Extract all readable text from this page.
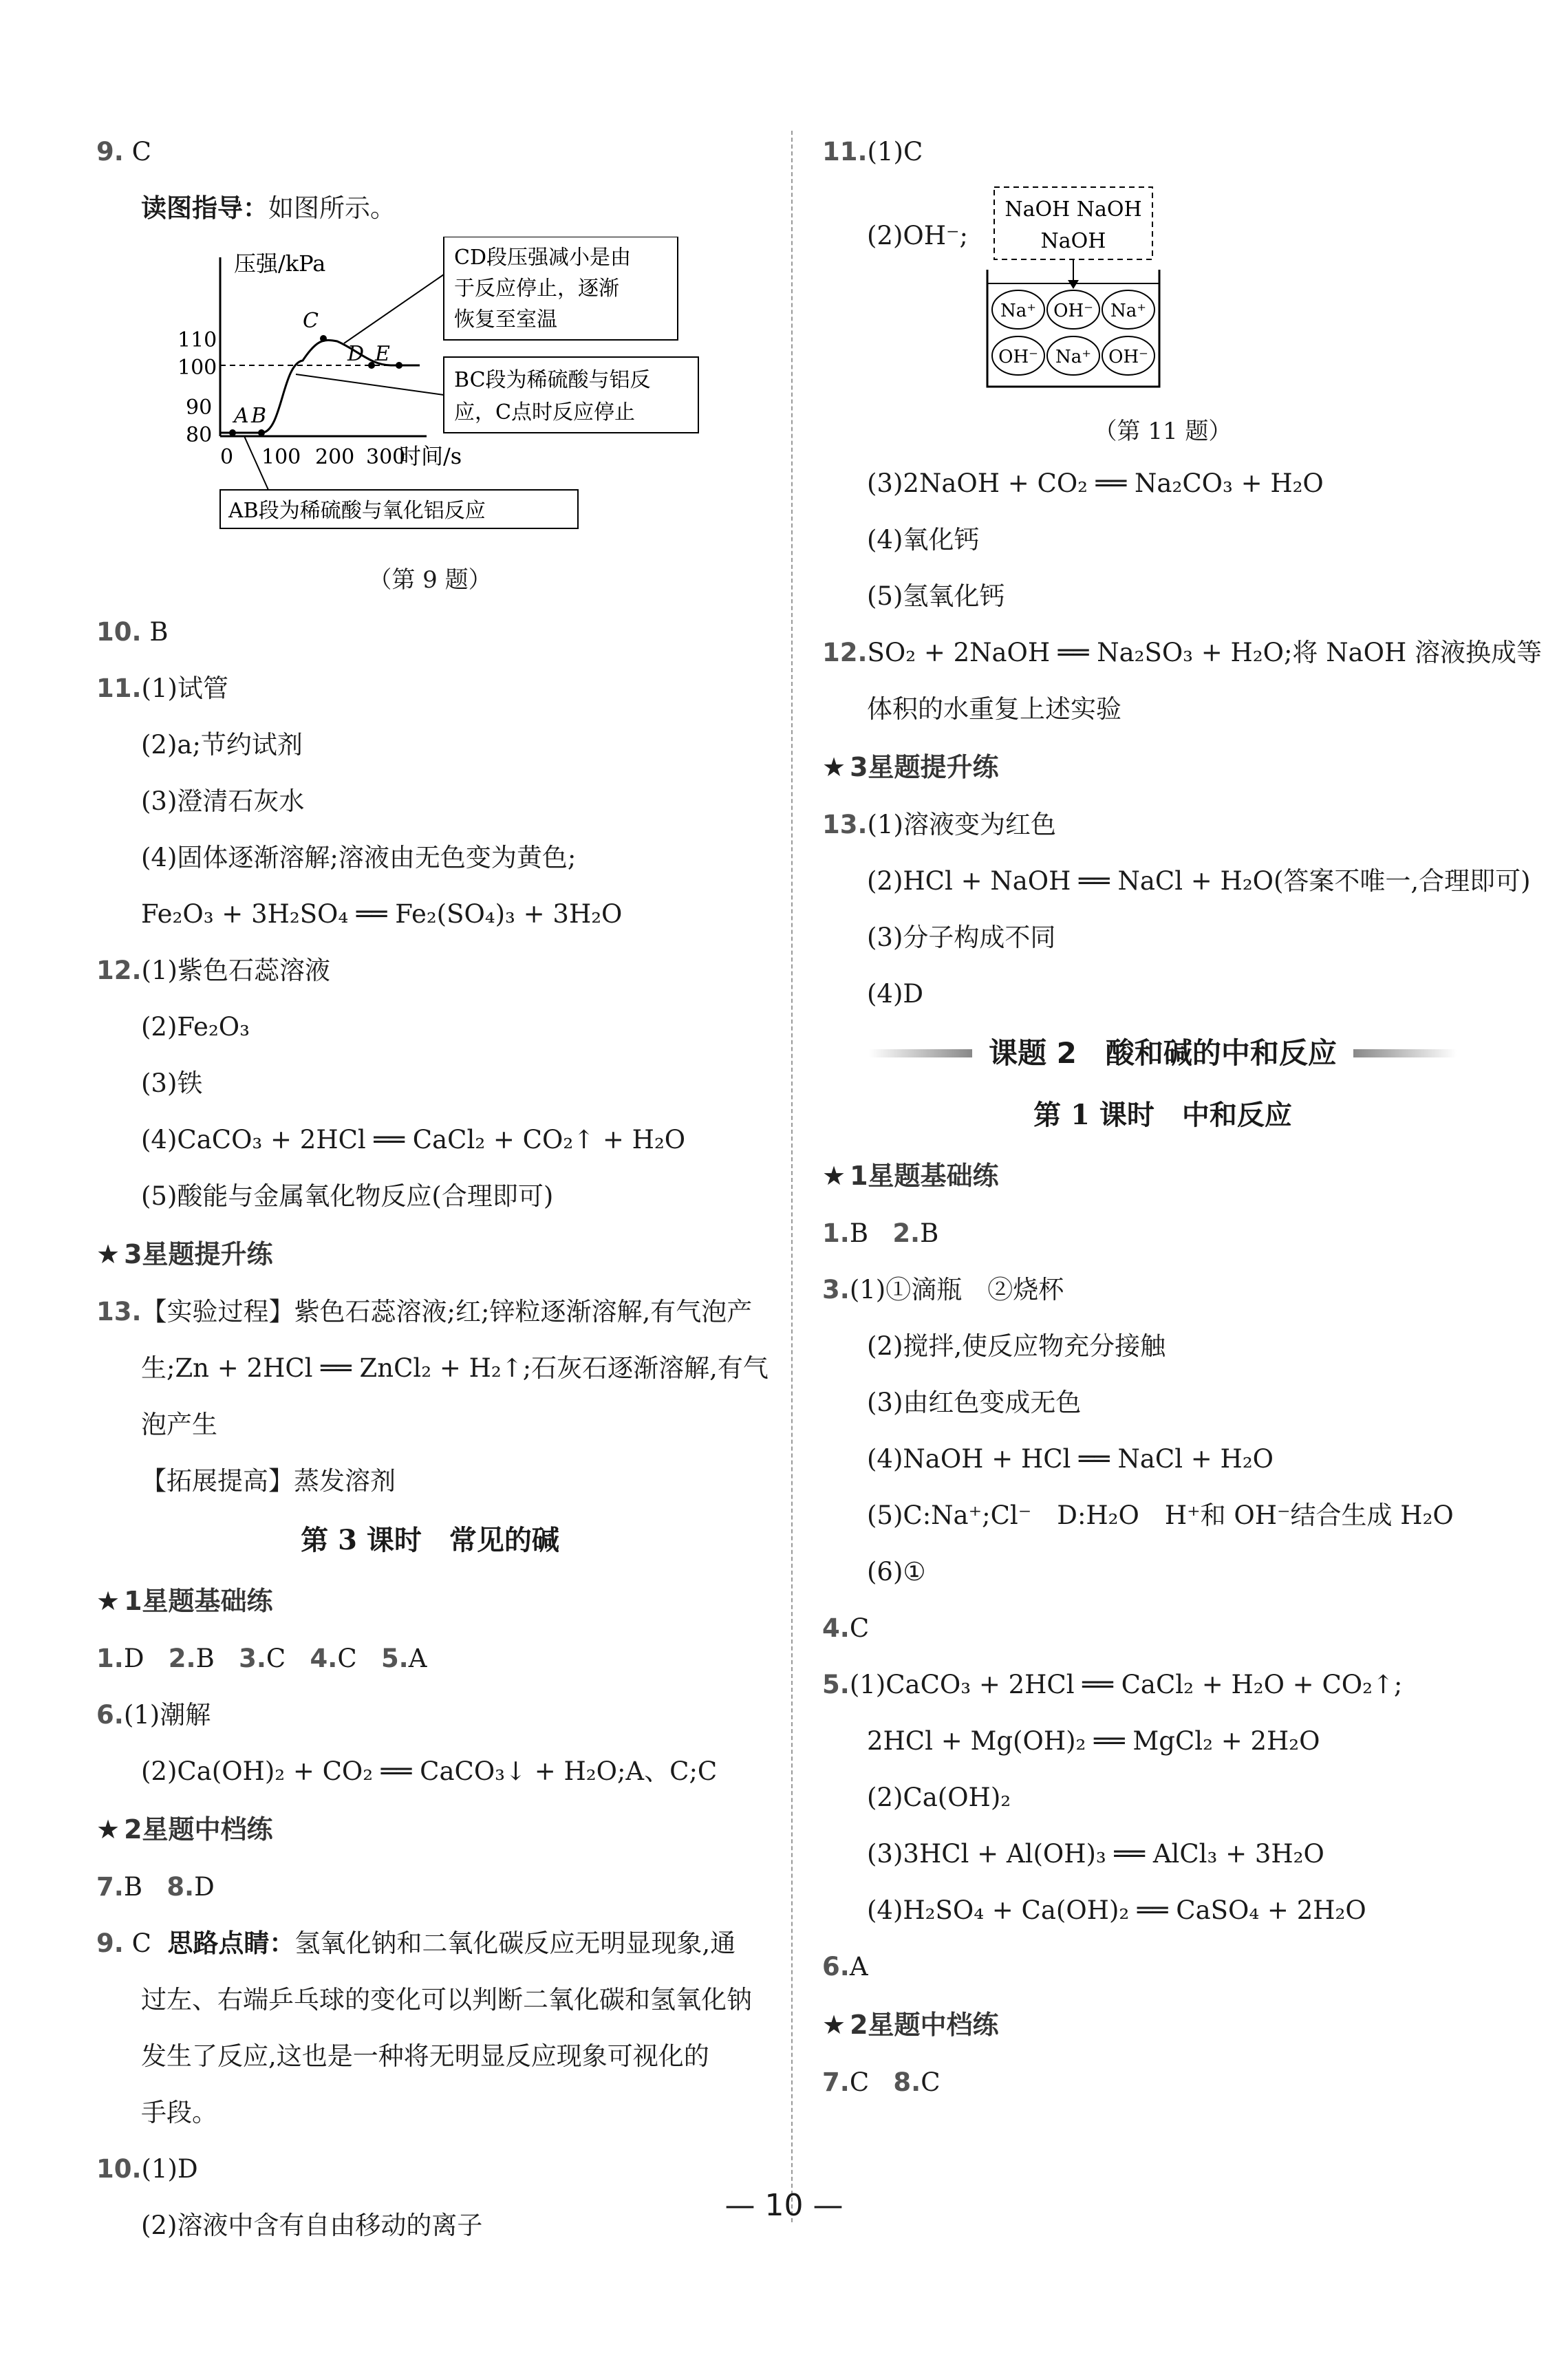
9. C
读图指导：如图所示。
压强/kPa
时间/s
110
100
90
80
0 100 200 300
A B
C
D E
CD段压强减小是由
于反应停止，逐渐
恢复至室温
BC段为稀硫酸与铝反
应，C点时反应停止
AB段为稀硫酸与氧化铝反应
（第 9 题）
10. B
11.(1)试管
(2)a;节约试剂
(3)澄清石灰水
(4)固体逐渐溶解;溶液由无色变为黄色;
Fe₂O₃ + 3H₂SO₄ ══ Fe₂(SO₄)₃ + 3H₂O
12.(1)紫色石蕊溶液
(2)Fe₂O₃
(3)铁
(4)CaCO₃ + 2HCl ══ CaCl₂ + CO₂↑ + H₂O
(5)酸能与金属氧化物反应(合理即可)
★ 3星题提升练
13.【实验过程】紫色石蕊溶液;红;锌粒逐渐溶解,有气泡产
生;Zn + 2HCl ══ ZnCl₂ + H₂↑;石灰石逐渐溶解,有气
泡产生
【拓展提高】蒸发溶剂
第 3 课时　常见的碱
★ 1星题基础练
1.D 2.B 3.C 4.C 5.A
6.(1)潮解
(2)Ca(OH)₂ + CO₂ ══ CaCO₃↓ + H₂O;A、C;C
★ 2星题中档练
7.B 8.D
9. C 思路点睛：氢氧化钠和二氧化碳反应无明显现象,通
过左、右端乒乓球的变化可以判断二氧化碳和氢氧化钠
发生了反应,这也是一种将无明显反应现象可视化的
手段。
10.(1)D
(2)溶液中含有自由移动的离子
11.(1)C
(2)OH⁻;
NaOH NaOH
NaOH
Na⁺ OH⁻ Na⁺
OH⁻ Na⁺ OH⁻
（第 11 题）
(3)2NaOH + CO₂ ══ Na₂CO₃ + H₂O
(4)氧化钙
(5)氢氧化钙
12.SO₂ + 2NaOH ══ Na₂SO₃ + H₂O;将 NaOH 溶液换成等
体积的水重复上述实验
★ 3星题提升练
13.(1)溶液变为红色
(2)HCl + NaOH ══ NaCl + H₂O(答案不唯一,合理即可)
(3)分子构成不同
(4)D
课题 2　酸和碱的中和反应
第 1 课时　中和反应
★ 1星题基础练
1.B 2.B
3.(1)①滴瓶　②烧杯
(2)搅拌,使反应物充分接触
(3)由红色变成无色
(4)NaOH + HCl ══ NaCl + H₂O
(5)C:Na⁺;Cl⁻　D:H₂O　H⁺和 OH⁻结合生成 H₂O
(6)①
4.C
5.(1)CaCO₃ + 2HCl ══ CaCl₂ + H₂O + CO₂↑;
2HCl + Mg(OH)₂ ══ MgCl₂ + 2H₂O
(2)Ca(OH)₂
(3)3HCl + Al(OH)₃ ══ AlCl₃ + 3H₂O
(4)H₂SO₄ + Ca(OH)₂ ══ CaSO₄ + 2H₂O
6.A
★ 2星题中档练
7.C 8.C
— 10 —
